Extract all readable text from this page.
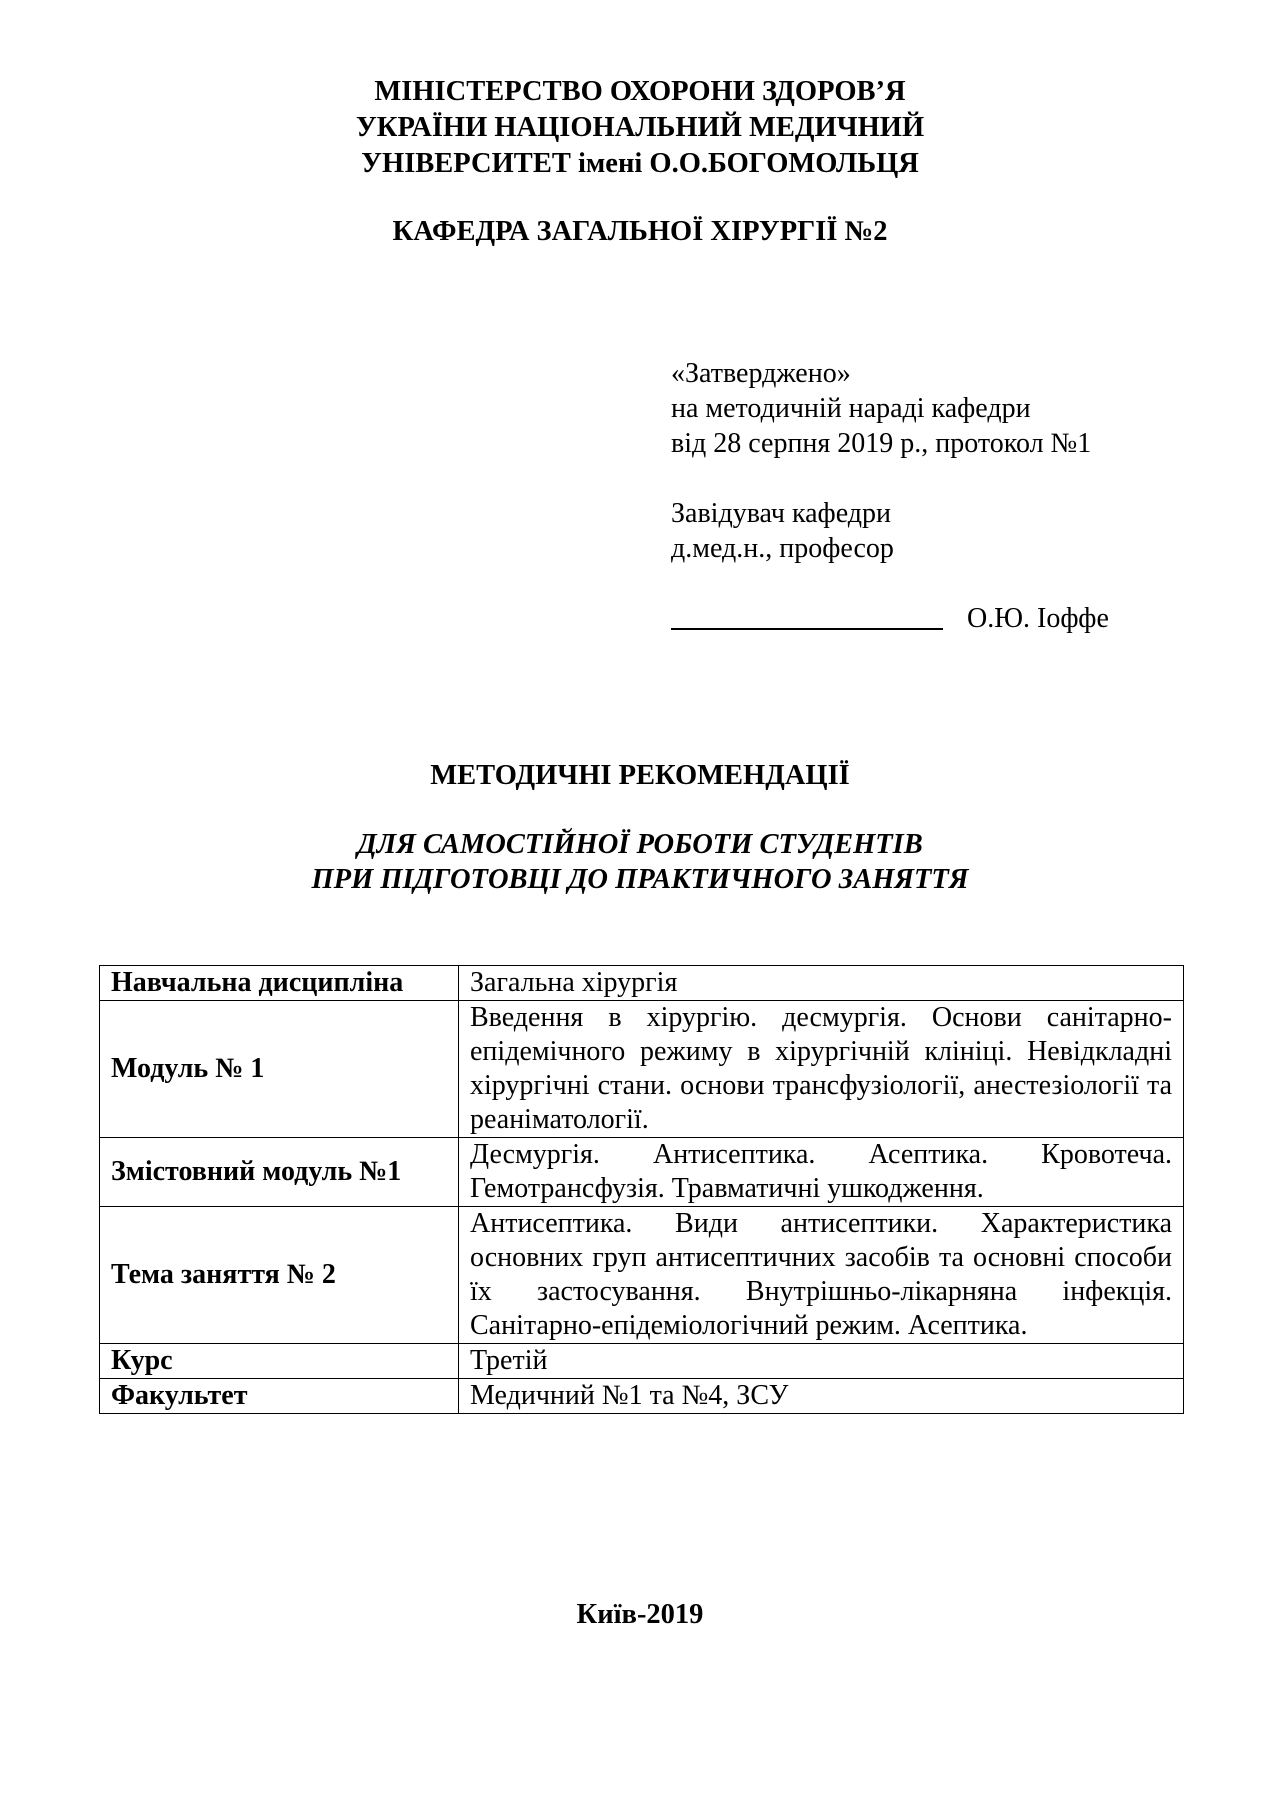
МІНІСТЕРСТВО ОХОРОНИ ЗДОРОВ’Я
УКРАЇНИ НАЦІОНАЛЬНИЙ МЕДИЧНИЙ
УНІВЕРСИТЕТ імені О.О.БОГОМОЛЬЦЯ
КАФЕДРА ЗАГАЛЬНОЇ ХІРУРГІЇ №2
«Затверджено»
на методичній нараді кафедри
від 28 серпня 2019 р., протокол №1
Завідувач кафедри
д.мед.н., професор
О.Ю. Іоффе
МЕТОДИЧНІ РЕКОМЕНДАЦІЇ
ДЛЯ САМОСТІЙНОЇ РОБОТИ СТУДЕНТІВ
ПРИ ПІДГОТОВЦІ ДО ПРАКТИЧНОГО ЗАНЯТТЯ
Навчальна дисципліна	Загальна хірургія
Модуль № 1	Введення в хірургію. десмургія. Основи санітарно-епідемічного режиму в хірургічній клініці. Невідкладні хірургічні стани. основи трансфузіології, анестезіології та реаніматології.
Змістовний модуль №1	Десмургія. Антисептика. Асептика. Кровотеча. Гемотрансфузія. Травматичні ушкодження.
Тема заняття № 2	Антисептика. Види антисептики. Характеристика основних груп антисептичних засобів та основні способи їх застосування. Внутрішньо-лікарняна інфекція. Санітарно-епідеміологічний режим. Асептика.
Курс	Третій
Факультет	Медичний №1 та №4, ЗСУ
Київ-2019
